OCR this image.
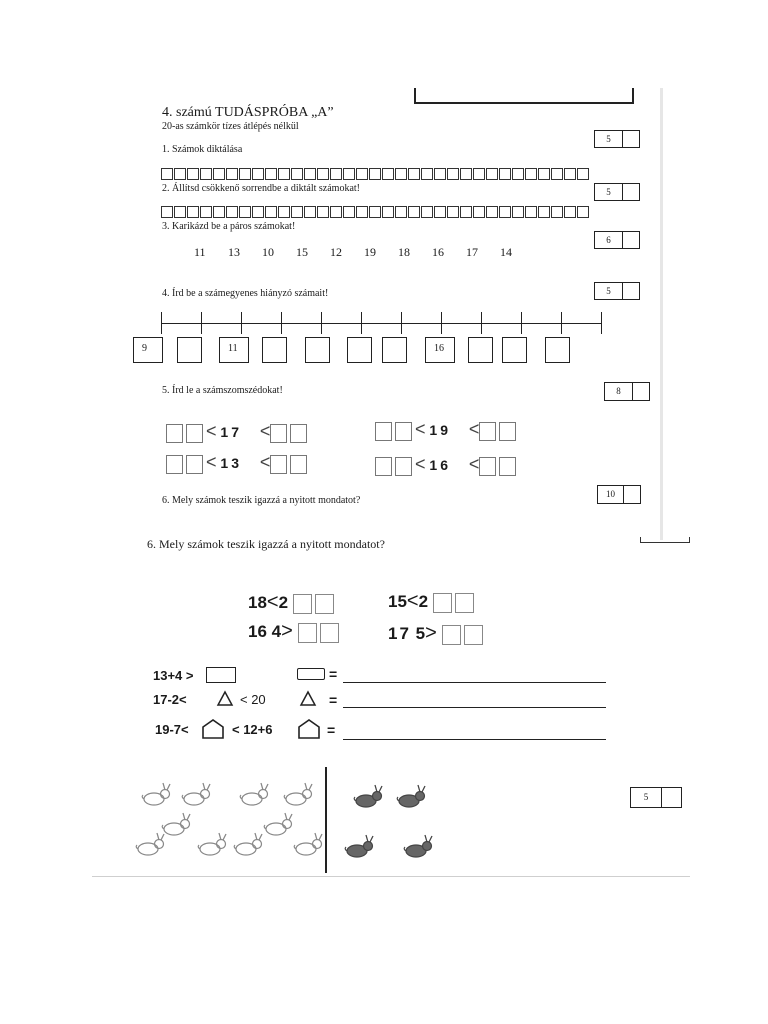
4. számú TUDÁSPRÓBA „A”
20-as számkör tízes átlépés nélkül
5
1. Számok diktálása
2. Állítsd csökkenő sorrendbe a diktált számokat!	5
3. Karikázd be a páros számokat!
6
11	13	10	15	12	19	18	16	17	14
4. Írd be a számegyenes hiányzó számait!	5
9	11	16
5. Írd le a számszomszédokat!	8
< 17 <	< 19 <
< 13 <	< 16 <
6. Mely számok teszik igazzá a nyitott mondatot?
10
6. Mely számok teszik igazzá a nyitott mondatot?
18<2	15<2
16 4>	17 5>
13+4 >	=
17-2<	< 20	=
19-7<	< 12+6	=
5
